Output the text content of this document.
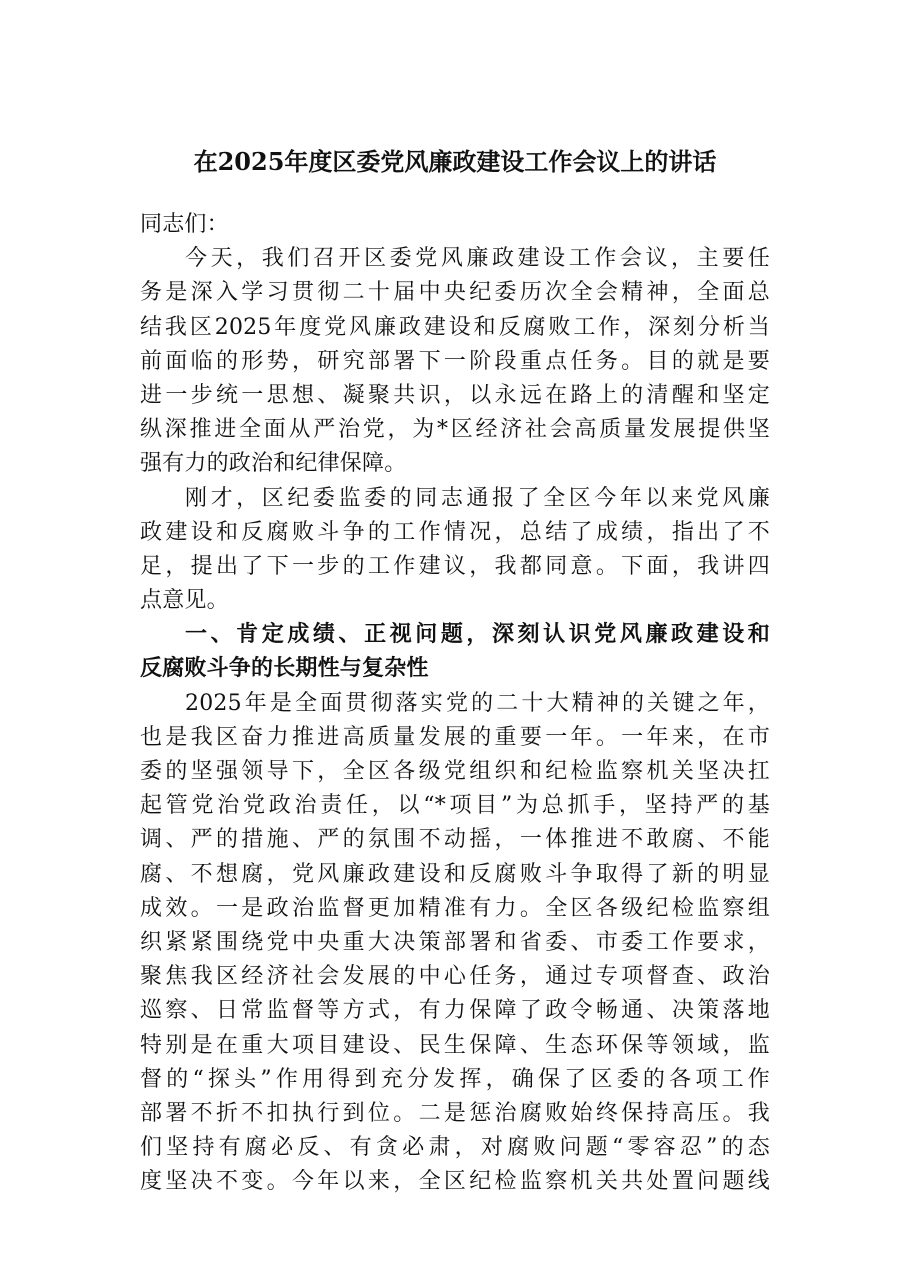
在2025年度区委党风廉政建设工作会议上的讲话
同志们：
今天，我们召开区委党风廉政建设工作会议，主要任
务是深入学习贯彻二十届中央纪委历次全会精神，全面总
结我区2025年度党风廉政建设和反腐败工作，深刻分析当
前面临的形势，研究部署下一阶段重点任务。目的就是要
进一步统一思想、凝聚共识，以永远在路上的清醒和坚定
纵深推进全面从严治党，为*区经济社会高质量发展提供坚
强有力的政治和纪律保障。
刚才，区纪委监委的同志通报了全区今年以来党风廉
政建设和反腐败斗争的工作情况，总结了成绩，指出了不
足，提出了下一步的工作建议，我都同意。下面，我讲四
点意见。
一、肯定成绩、正视问题，深刻认识党风廉政建设和
反腐败斗争的长期性与复杂性
2025年是全面贯彻落实党的二十大精神的关键之年，
也是我区奋力推进高质量发展的重要一年。一年来，在市
委的坚强领导下，全区各级党组织和纪检监察机关坚决扛
起管党治党政治责任，以“*项目”为总抓手，坚持严的基
调、严的措施、严的氛围不动摇，一体推进不敢腐、不能
腐、不想腐，党风廉政建设和反腐败斗争取得了新的明显
成效。一是政治监督更加精准有力。全区各级纪检监察组
织紧紧围绕党中央重大决策部署和省委、市委工作要求，
聚焦我区经济社会发展的中心任务，通过专项督查、政治
巡察、日常监督等方式，有力保障了政令畅通、决策落地
特别是在重大项目建设、民生保障、生态环保等领域，监
督的“探头”作用得到充分发挥，确保了区委的各项工作
部署不折不扣执行到位。二是惩治腐败始终保持高压。我
们坚持有腐必反、有贪必肃，对腐败问题“零容忍”的态
度坚决不变。今年以来，全区纪检监察机关共处置问题线
